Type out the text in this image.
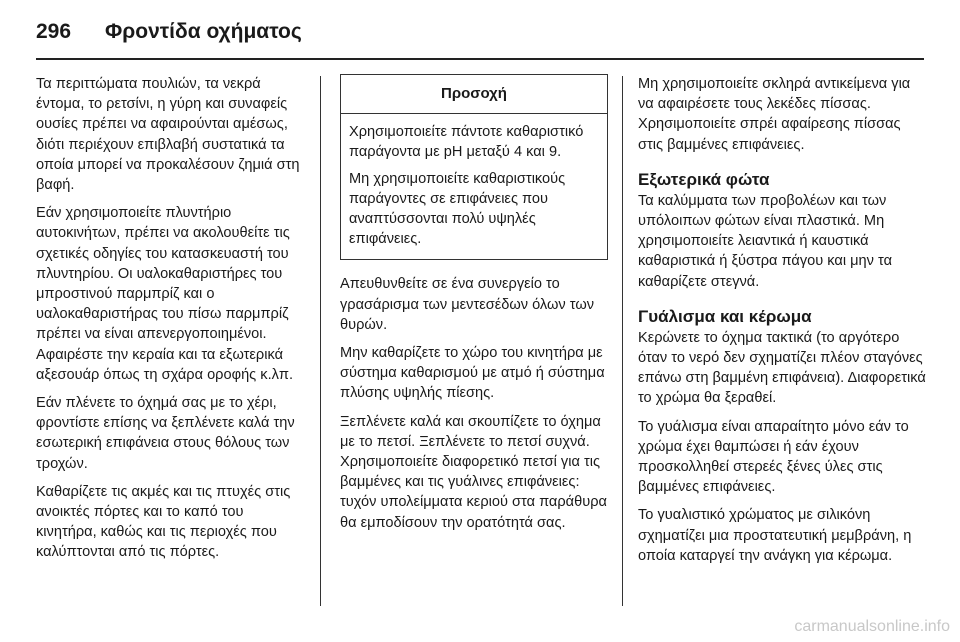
296 Φροντίδα οχήματος

Τα περιττώματα πουλιών, τα νεκρά έντομα, το ρετσίνι, η γύρη και συναφείς ουσίες πρέπει να αφαιρούνται αμέσως, διότι περιέχουν επιβλαβή συστατικά τα οποία μπορεί να προκαλέσουν ζημιά στη βαφή.

Εάν χρησιμοποιείτε πλυντήριο αυτοκινήτων, πρέπει να ακολουθείτε τις σχετικές οδηγίες του κατασκευαστή του πλυντηρίου. Οι υαλοκαθαριστήρες του μπροστινού παρμπρίζ και ο υαλοκαθαριστήρας του πίσω παρμπρίζ πρέπει να είναι απενεργοποιημένοι. Αφαιρέστε την κεραία και τα εξωτερικά αξεσουάρ όπως τη σχάρα οροφής κ.λπ.

Εάν πλένετε το όχημά σας με το χέρι, φροντίστε επίσης να ξεπλένετε καλά την εσωτερική επιφάνεια στους θόλους των τροχών.

Καθαρίζετε τις ακμές και τις πτυχές στις ανοικτές πόρτες και το καπό του κινητήρα, καθώς και τις περιοχές που καλύπτονται από τις πόρτες.

Προσοχή

Χρησιμοποιείτε πάντοτε καθαριστικό παράγοντα με pH μεταξύ 4 και 9.

Μη χρησιμοποιείτε καθαριστικούς παράγοντες σε επιφάνειες που αναπτύσσονται πολύ υψηλές επιφάνειες.

Απευθυνθείτε σε ένα συνεργείο το γρασάρισμα των μεντεσέδων όλων των θυρών.

Μην καθαρίζετε το χώρο του κινητήρα με σύστημα καθαρισμού με ατμό ή σύστημα πλύσης υψηλής πίεσης.

Ξεπλένετε καλά και σκουπίζετε το όχημα με το πετσί. Ξεπλένετε το πετσί συχνά. Χρησιμοποιείτε διαφορετικό πετσί για τις βαμμένες και τις γυάλινες επιφάνειες: τυχόν υπολείμματα κεριού στα παράθυρα θα εμποδίσουν την ορατότητά σας.

Μη χρησιμοποιείτε σκληρά αντικείμενα για να αφαιρέσετε τους λεκέδες πίσσας. Χρησιμοποιείτε σπρέι αφαίρεσης πίσσας στις βαμμένες επιφάνειες.

Εξωτερικά φώτα

Τα καλύμματα των προβολέων και των υπόλοιπων φώτων είναι πλαστικά. Μη χρησιμοποιείτε λειαντικά ή καυστικά καθαριστικά ή ξύστρα πάγου και μην τα καθαρίζετε στεγνά.

Γυάλισμα και κέρωμα

Κερώνετε το όχημα τακτικά (το αργότερο όταν το νερό δεν σχηματίζει πλέον σταγόνες επάνω στη βαμμένη επιφάνεια). Διαφορετικά το χρώμα θα ξεραθεί.

Το γυάλισμα είναι απαραίτητο μόνο εάν το χρώμα έχει θαμπώσει ή εάν έχουν προσκολληθεί στερεές ξένες ύλες στις βαμμένες επιφάνειες.

Το γυαλιστικό χρώματος με σιλικόνη σχηματίζει μια προστατευτική μεμβράνη, η οποία καταργεί την ανάγκη για κέρωμα.

carmanualsonline.info
